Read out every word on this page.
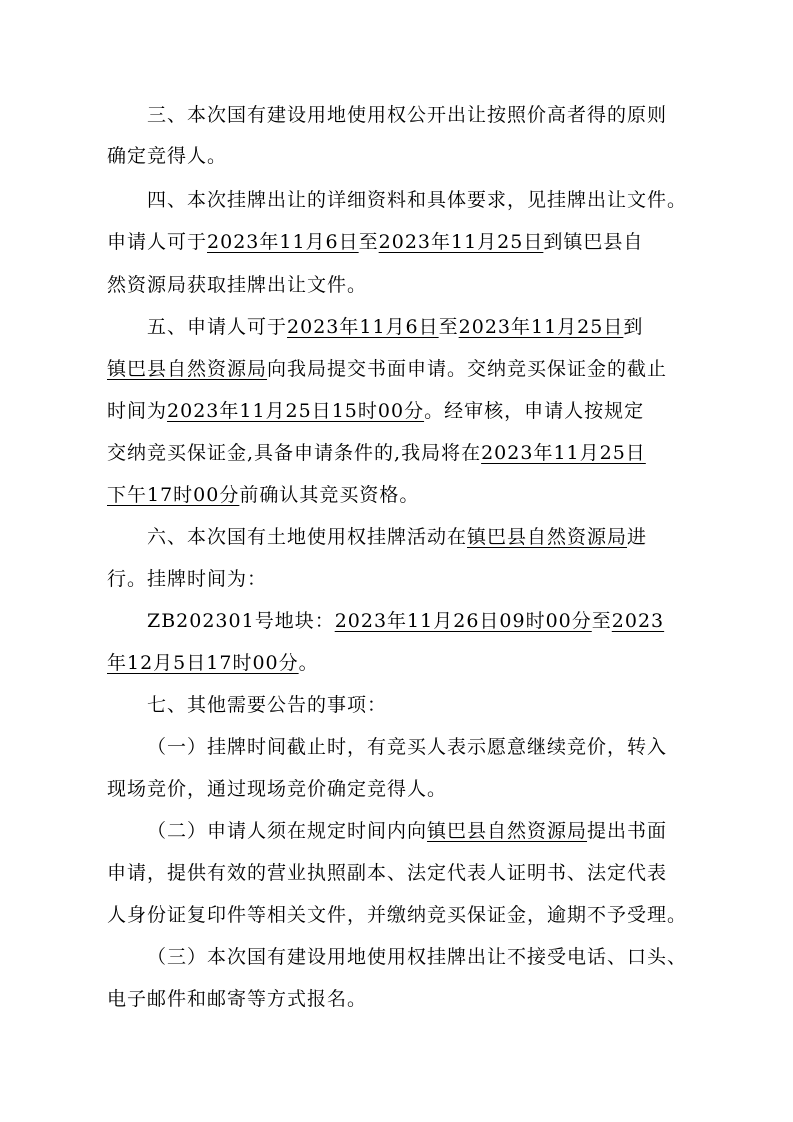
三、本次国有建设用地使用权公开出让按照价高者得的原则
确定竞得人。
四、本次挂牌出让的详细资料和具体要求，见挂牌出让文件。
申请人可于2023年11月6日至2023年11月25日到镇巴县自
然资源局获取挂牌出让文件。
五、申请人可于2023年11月6日至2023年11月25日到
镇巴县自然资源局向我局提交书面申请。交纳竞买保证金的截止
时间为2023年11月25日15时00分。经审核，申请人按规定
交纳竞买保证金,具备申请条件的,我局将在2023年11月25日
下午17时00分前确认其竞买资格。
六、本次国有土地使用权挂牌活动在镇巴县自然资源局进
行。挂牌时间为：
ZB202301号地块：2023年11月26日09时00分至2023
年12月5日17时00分。
七、其他需要公告的事项：
（一）挂牌时间截止时，有竞买人表示愿意继续竞价，转入
现场竞价，通过现场竞价确定竞得人。
（二）申请人须在规定时间内向镇巴县自然资源局提出书面
申请，提供有效的营业执照副本、法定代表人证明书、法定代表
人身份证复印件等相关文件，并缴纳竞买保证金，逾期不予受理。
（三）本次国有建设用地使用权挂牌出让不接受电话、口头、
电子邮件和邮寄等方式报名。
